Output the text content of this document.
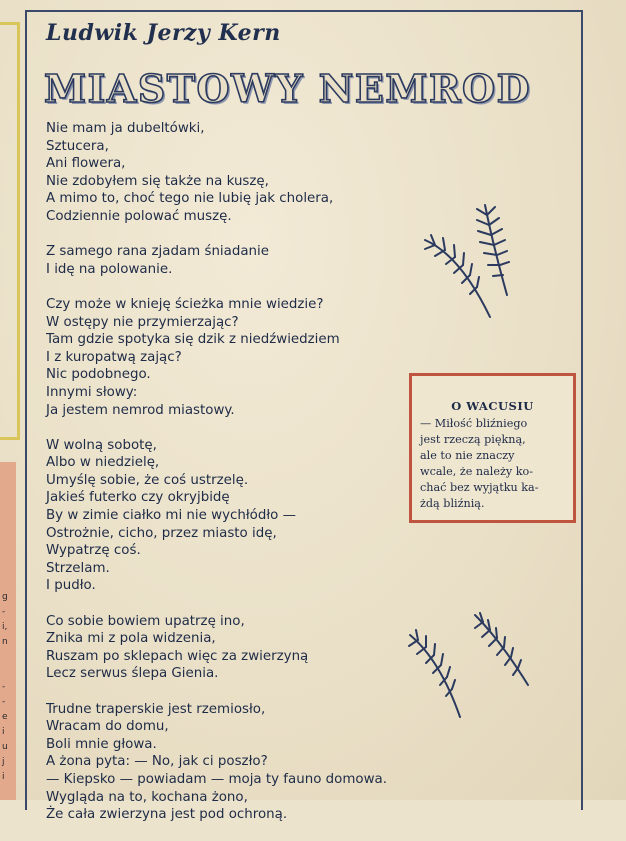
g
-
i,
n
-
-
e
i
u
j
i
Ludwik Jerzy Kern
MIASTOWY NEMROD
Nie mam ja dubeltówki,
Sztucera,
Ani flowera,
Nie zdobyłem się także na kuszę,
A mimo to, choć tego nie lubię jak cholera,
Codziennie polować muszę.
Z samego rana zjadam śniadanie
I idę na polowanie.
Czy może w knieję ścieżka mnie wiedzie?
W ostępy nie przymierzając?
Tam gdzie spotyka się dzik z niedźwiedziem
I z kuropatwą zając?
Nic podobnego.
Innymi słowy:
Ja jestem nemrod miastowy.
W wolną sobotę,
Albo w niedzielę,
Umyślę sobie, że coś ustrzelę.
Jakieś futerko czy okryjbidę
By w zimie ciałko mi nie wychłódło —
Ostrożnie, cicho, przez miasto idę,
Wypatrzę coś.
Strzelam.
I pudło.
Co sobie bowiem upatrzę ino,
Znika mi z pola widzenia,
Ruszam po sklepach więc za zwierzyną
Lecz serwus ślepa Gienia.
Trudne traperskie jest rzemiosło,
Wracam do domu,
Boli mnie głowa.
A żona pyta: — No, jak ci poszło?
— Kiepsko — powiadam — moja ty fauno domowa.
Wygląda na to, kochana żono,
Że cała zwierzyna jest pod ochroną.
O WACUSIU
— Miłość bliźniego
jest rzeczą piękną,
ale to nie znaczy
wcale, że należy ko-
chać bez wyjątku ka-
żdą bliźnią.
